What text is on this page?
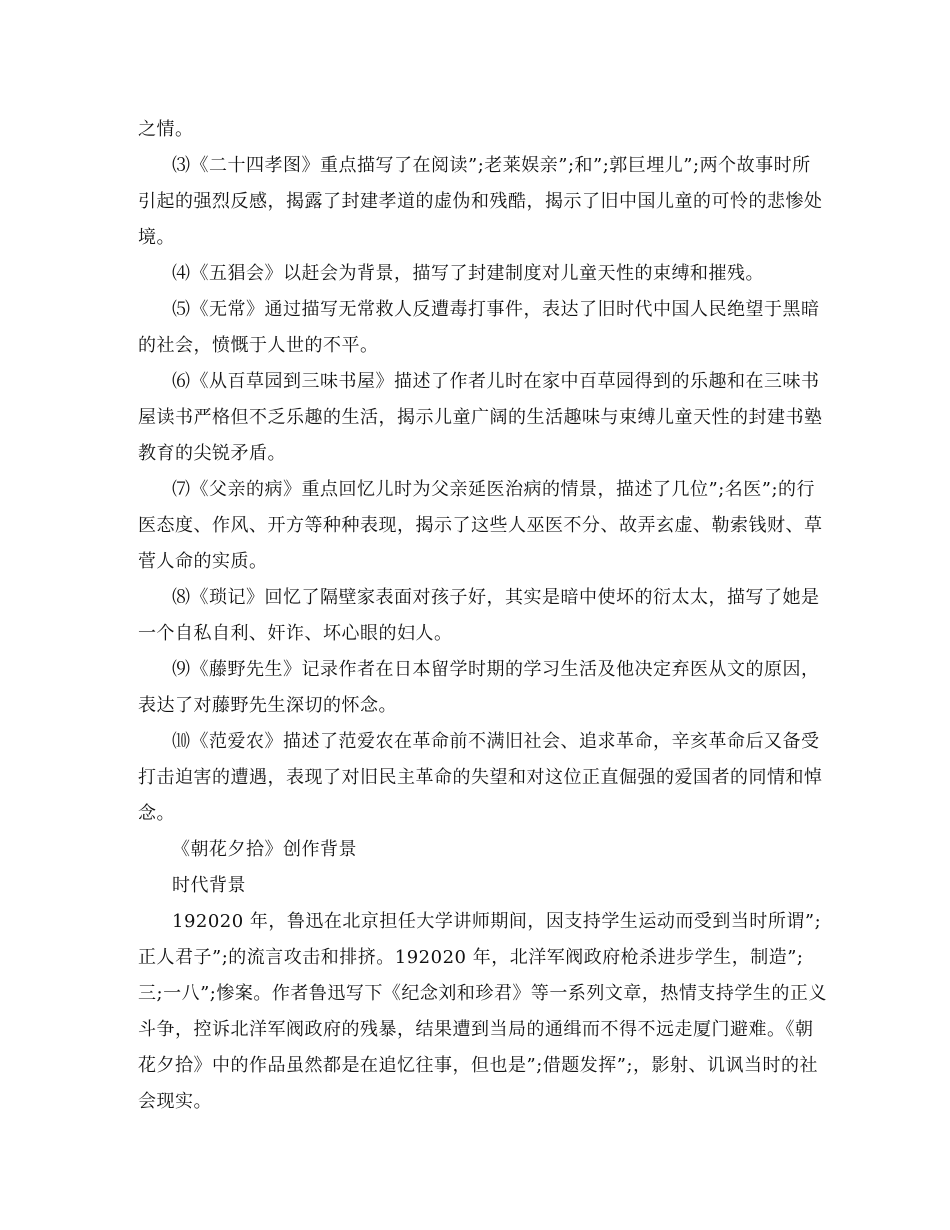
之情。

⑶《二十四孝图》重点描写了在阅读”;老莱娱亲”;和”;郭巨埋儿”;两个故事时所引起的强烈反感，揭露了封建孝道的虚伪和残酷，揭示了旧中国儿童的可怜的悲惨处境。

⑷《五猖会》以赶会为背景，描写了封建制度对儿童天性的束缚和摧残。

⑸《无常》通过描写无常救人反遭毒打事件，表达了旧时代中国人民绝望于黑暗的社会，愤慨于人世的不平。

⑹《从百草园到三味书屋》描述了作者儿时在家中百草园得到的乐趣和在三味书屋读书严格但不乏乐趣的生活，揭示儿童广阔的生活趣味与束缚儿童天性的封建书塾教育的尖锐矛盾。

⑺《父亲的病》重点回忆儿时为父亲延医治病的情景，描述了几位”;名医”;的行医态度、作风、开方等种种表现，揭示了这些人巫医不分、故弄玄虚、勒索钱财、草菅人命的实质。

⑻《琐记》回忆了隔壁家表面对孩子好，其实是暗中使坏的衍太太，描写了她是一个自私自利、奸诈、坏心眼的妇人。

⑼《藤野先生》记录作者在日本留学时期的学习生活及他决定弃医从文的原因，表达了对藤野先生深切的怀念。

⑽《范爱农》描述了范爱农在革命前不满旧社会、追求革命，辛亥革命后又备受打击迫害的遭遇，表现了对旧民主革命的失望和对这位正直倔强的爱国者的同情和悼念。

《朝花夕拾》创作背景

时代背景

192020 年，鲁迅在北京担任大学讲师期间，因支持学生运动而受到当时所谓”;正人君子”;的流言攻击和排挤。192020 年，北洋军阀政府枪杀进步学生，制造”;三;一八”;惨案。作者鲁迅写下《纪念刘和珍君》等一系列文章，热情支持学生的正义斗争，控诉北洋军阀政府的残暴，结果遭到当局的通缉而不得不远走厦门避难。《朝花夕拾》中的作品虽然都是在追忆往事，但也是”;借题发挥”;，影射、讥讽当时的社会现实。
